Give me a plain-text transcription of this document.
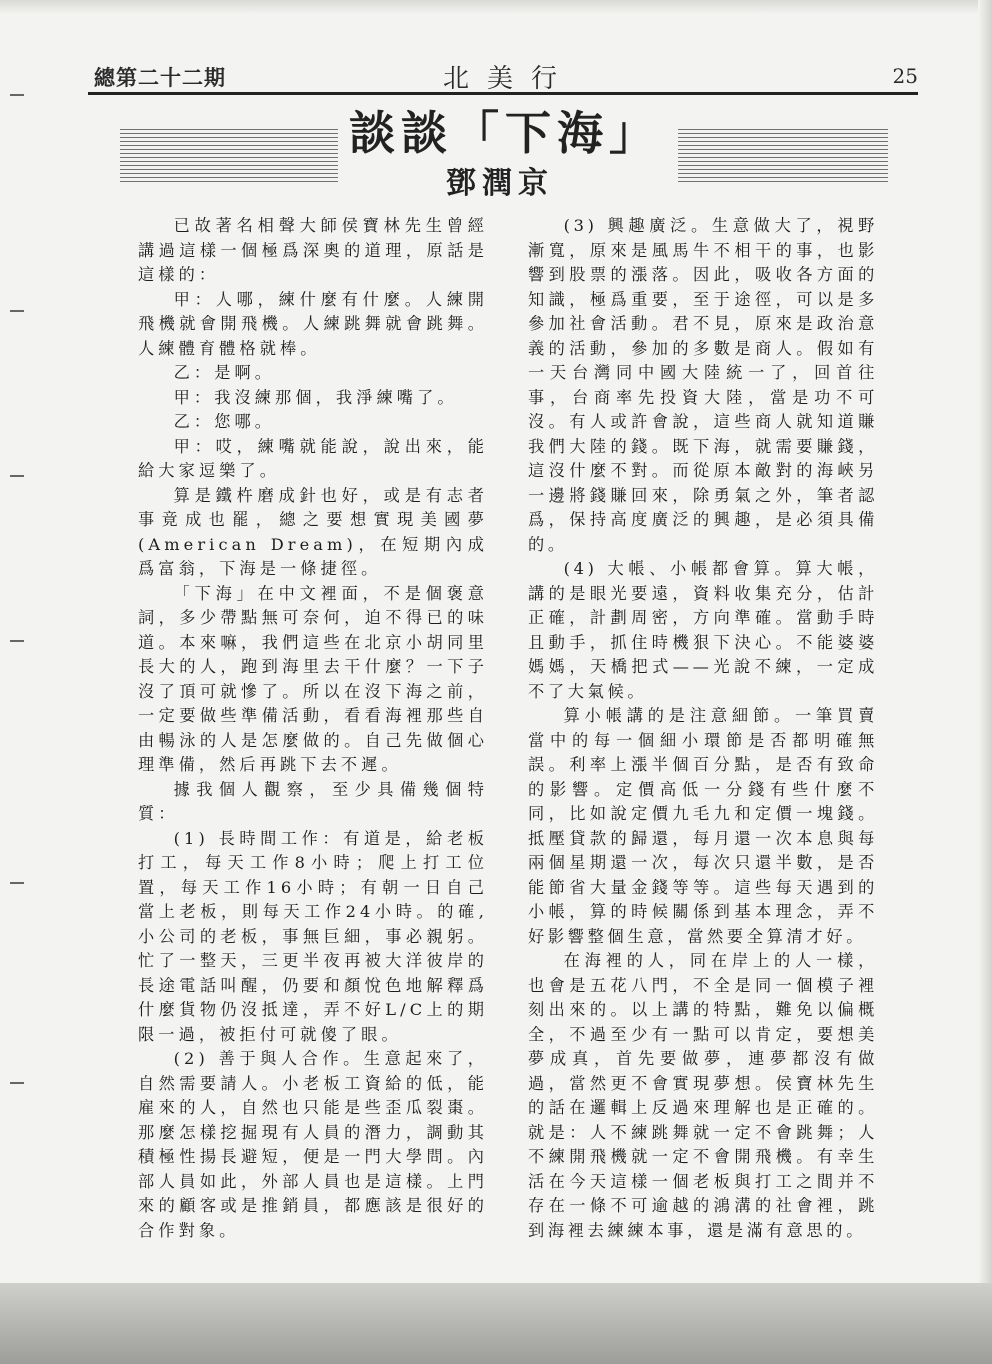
總第二十二期	北美行	25
談談「下海」
鄧潤京

已故著名相聲大師侯寶林先生曾經講過這樣一個極爲深奧的道理，原話是這樣的：

甲：人哪，練什麼有什麼。人練開飛機就會開飛機。人練跳舞就會跳舞。人練體育體格就棒。

乙：是啊。

甲：我沒練那個，我淨練嘴了。

乙：您哪。

甲：哎，練嘴就能說，說出來，能給大家逗樂了。

算是鐵杵磨成針也好，或是有志者事竟成也罷，總之要想實現美國夢(American Dream)，在短期內成爲富翁，下海是一條捷徑。

「下海」在中文裡面，不是個褒意詞，多少帶點無可奈何，迫不得已的味道。本來嘛，我們這些在北京小胡同里長大的人，跑到海里去干什麼？一下子沒了頂可就慘了。所以在沒下海之前，一定要做些準備活動，看看海裡那些自由暢泳的人是怎麼做的。自己先做個心理準備，然后再跳下去不遲。

據我個人觀察，至少具備幾個特質：

(1) 長時間工作：有道是，給老板打工，每天工作8小時；爬上打工位置，每天工作16小時；有朝一日自己當上老板，則每天工作24小時。的確,小公司的老板，事無巨細，事必親躬。忙了一整天，三更半夜再被大洋彼岸的長途電話叫醒，仍要和顏悅色地解釋爲什麼貨物仍沒抵達，弄不好L/C上的期限一過，被拒付可就傻了眼。

(2) 善于與人合作。生意起來了，自然需要請人。小老板工資給的低，能雇來的人，自然也只能是些歪瓜裂棗。那麼怎樣挖掘現有人員的潛力，調動其積極性揚長避短，便是一門大學問。內部人員如此，外部人員也是這樣。上門來的顧客或是推銷員，都應該是很好的合作對象。

(3) 興趣廣泛。生意做大了，視野漸寬，原來是風馬牛不相干的事，也影響到股票的漲落。因此，吸收各方面的知識，極爲重要，至于途徑，可以是多參加社會活動。君不見，原來是政治意義的活動，參加的多數是商人。假如有一天台灣同中國大陸統一了，回首往事，台商率先投資大陸，當是功不可沒。有人或許會說，這些商人就知道賺我們大陸的錢。既下海，就需要賺錢，這沒什麼不對。而從原本敵對的海峽另一邊將錢賺回來，除勇氣之外，筆者認爲，保持高度廣泛的興趣，是必須具備的。

(4) 大帳、小帳都會算。算大帳，講的是眼光要遠，資料收集充分，估計正確，計劃周密，方向準確。當動手時且動手，抓住時機狠下決心。不能婆婆媽媽，天橋把式——光說不練，一定成不了大氣候。

算小帳講的是注意細節。一筆買賣當中的每一個細小環節是否都明確無誤。利率上漲半個百分點，是否有致命的影響。定價高低一分錢有些什麼不同，比如說定價九毛九和定價一塊錢。抵壓貸款的歸還，每月還一次本息與每兩個星期還一次，每次只還半數，是否能節省大量金錢等等。這些每天遇到的小帳，算的時候關係到基本理念，弄不好影響整個生意，當然要全算清才好。

在海裡的人，同在岸上的人一樣，也會是五花八門，不全是同一個模子裡刻出來的。以上講的特點，難免以偏概全，不過至少有一點可以肯定，要想美夢成真，首先要做夢，連夢都沒有做過，當然更不會實現夢想。侯寶林先生的話在邏輯上反過來理解也是正確的。就是：人不練跳舞就一定不會跳舞；人不練開飛機就一定不會開飛機。有幸生活在今天這樣一個老板與打工之間并不存在一條不可逾越的鴻溝的社會裡，跳到海裡去練練本事，還是滿有意思的。
